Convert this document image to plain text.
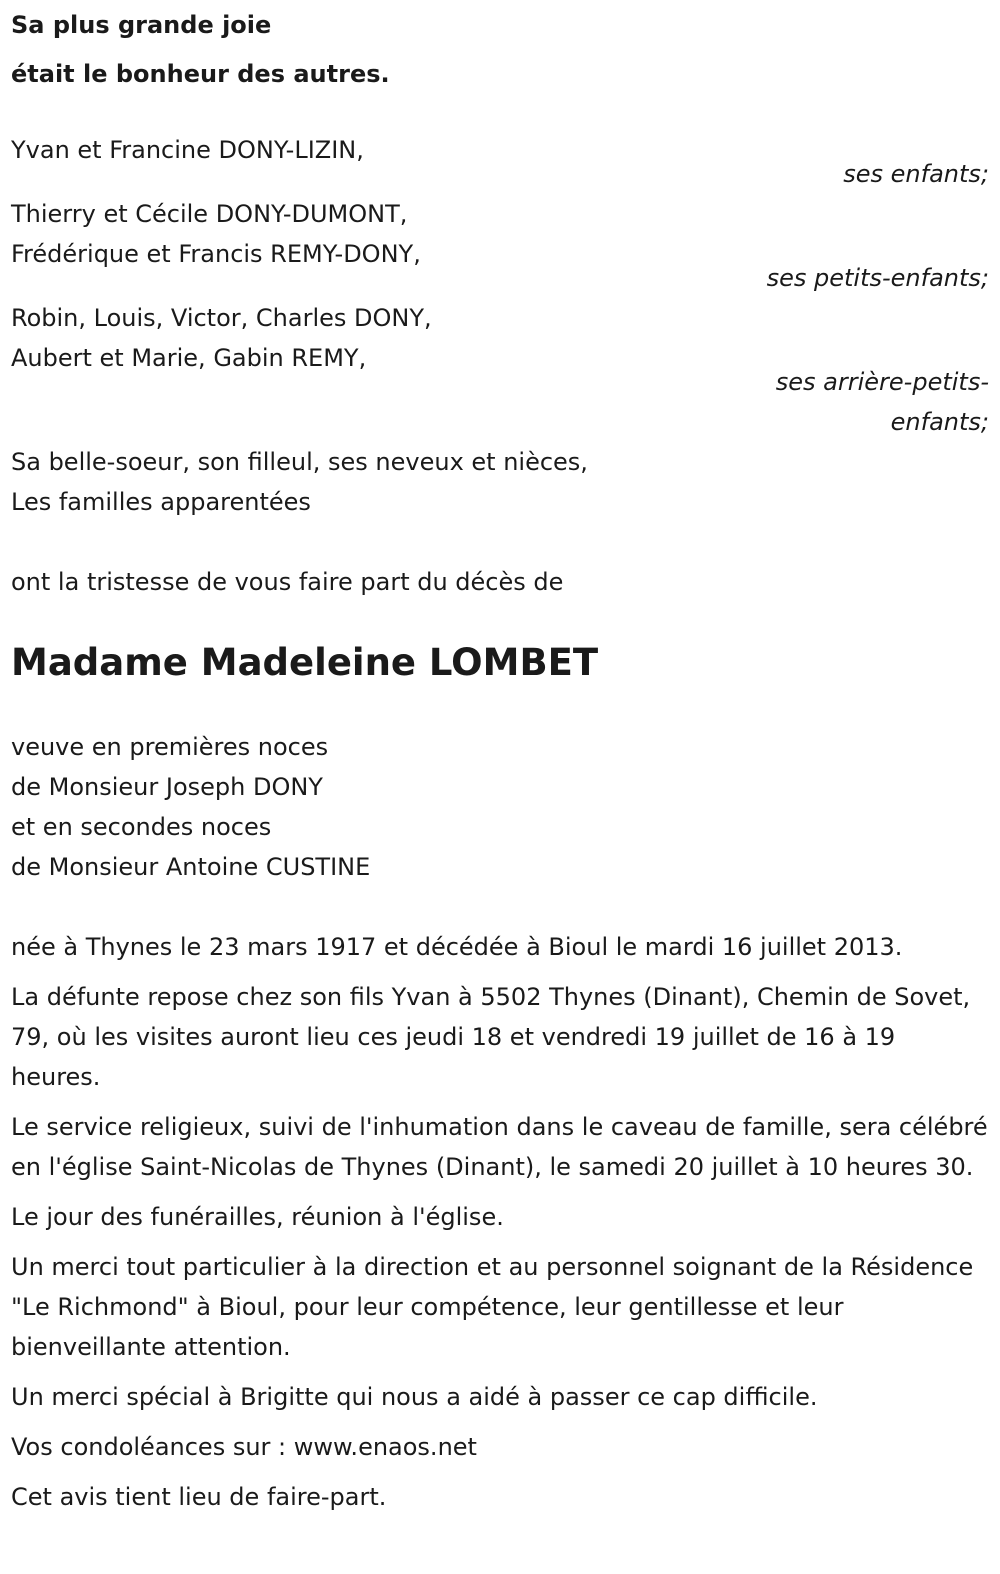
Sa plus grande joie
était le bonheur des autres.
Yvan et Francine DONY-LIZIN,
ses enfants;
Thierry et Cécile DONY-DUMONT,
Frédérique et Francis REMY-DONY,
ses petits-enfants;
Robin, Louis, Victor, Charles DONY,
Aubert et Marie, Gabin REMY,
ses arrière-petits-enfants;
Sa belle-soeur, son filleul, ses neveux et nièces,
Les familles apparentées
ont la tristesse de vous faire part du décès de
Madame Madeleine LOMBET
veuve en premières noces
de Monsieur Joseph DONY
et en secondes noces
de Monsieur Antoine CUSTINE
née à Thynes le 23 mars 1917 et décédée à Bioul le mardi 16 juillet 2013.
La défunte repose chez son fils Yvan à 5502 Thynes (Dinant), Chemin de Sovet, 79, où les visites auront lieu ces jeudi 18 et vendredi 19 juillet de 16 à 19 heures.
Le service religieux, suivi de l'inhumation dans le caveau de famille, sera célébré en l'église Saint-Nicolas de Thynes (Dinant), le samedi 20 juillet à 10 heures 30.
Le jour des funérailles, réunion à l'église.
Un merci tout particulier à la direction et au personnel soignant de la Résidence "Le Richmond" à Bioul, pour leur compétence, leur gentillesse et leur bienveillante attention.
Un merci spécial à Brigitte qui nous a aidé à passer ce cap difficile.
Vos condoléances sur : www.enaos.net
Cet avis tient lieu de faire-part.
